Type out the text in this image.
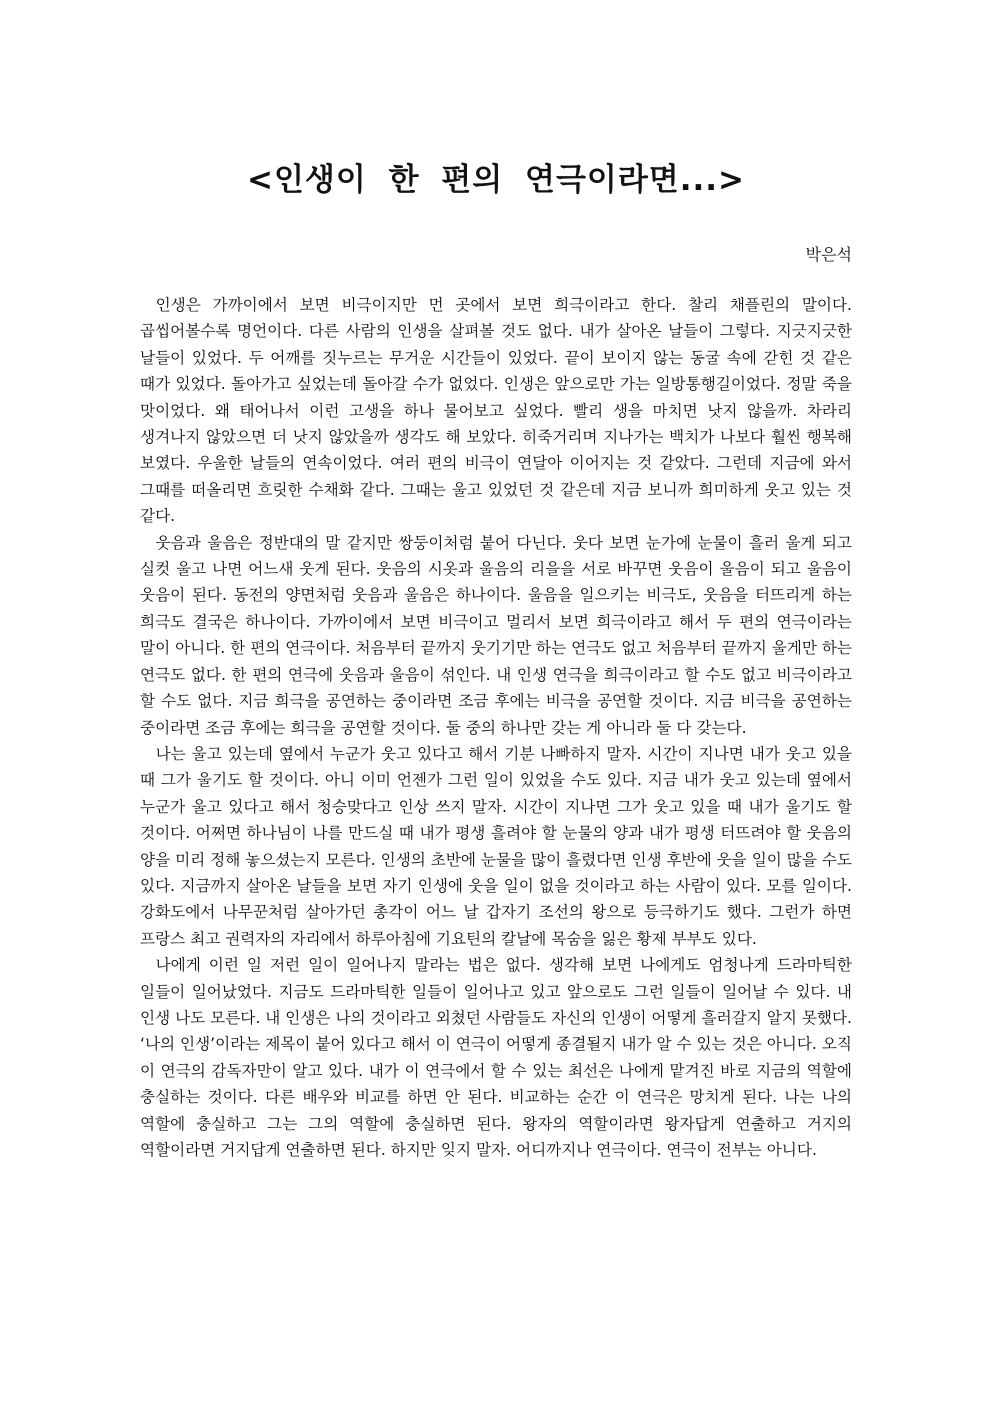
<인생이 한 편의 연극이라면...>
박은석

인생은 가까이에서 보면 비극이지만 먼 곳에서 보면 희극이라고 한다. 찰리 채플린의 말이다. 곱씹어볼수록 명언이다. 다른 사람의 인생을 살펴볼 것도 없다. 내가 살아온 날들이 그렇다. 지긋지긋한 날들이 있었다. 두 어깨를 짓누르는 무거운 시간들이 있었다. 끝이 보이지 않는 동굴 속에 갇힌 것 같은 때가 있었다. 돌아가고 싶었는데 돌아갈 수가 없었다. 인생은 앞으로만 가는 일방통행길이었다. 정말 죽을 맛이었다. 왜 태어나서 이런 고생을 하나 물어보고 싶었다. 빨리 생을 마치면 낫지 않을까. 차라리 생겨나지 않았으면 더 낫지 않았을까 생각도 해 보았다. 히죽거리며 지나가는 백치가 나보다 훨씬 행복해 보였다. 우울한 날들의 연속이었다. 여러 편의 비극이 연달아 이어지는 것 같았다. 그런데 지금에 와서 그때를 떠올리면 흐릿한 수채화 같다. 그때는 울고 있었던 것 같은데 지금 보니까 희미하게 웃고 있는 것 같다.

웃음과 울음은 정반대의 말 같지만 쌍둥이처럼 붙어 다닌다. 웃다 보면 눈가에 눈물이 흘러 울게 되고 실컷 울고 나면 어느새 웃게 된다. 웃음의 시옷과 울음의 리을을 서로 바꾸면 웃음이 울음이 되고 울음이 웃음이 된다. 동전의 양면처럼 웃음과 울음은 하나이다. 울음을 일으키는 비극도, 웃음을 터뜨리게 하는 희극도 결국은 하나이다. 가까이에서 보면 비극이고 멀리서 보면 희극이라고 해서 두 편의 연극이라는 말이 아니다. 한 편의 연극이다. 처음부터 끝까지 웃기기만 하는 연극도 없고 처음부터 끝까지 울게만 하는 연극도 없다. 한 편의 연극에 웃음과 울음이 섞인다. 내 인생 연극을 희극이라고 할 수도 없고 비극이라고 할 수도 없다. 지금 희극을 공연하는 중이라면 조금 후에는 비극을 공연할 것이다. 지금 비극을 공연하는 중이라면 조금 후에는 희극을 공연할 것이다. 둘 중의 하나만 갖는 게 아니라 둘 다 갖는다.

나는 울고 있는데 옆에서 누군가 웃고 있다고 해서 기분 나빠하지 말자. 시간이 지나면 내가 웃고 있을 때 그가 울기도 할 것이다. 아니 이미 언젠가 그런 일이 있었을 수도 있다. 지금 내가 웃고 있는데 옆에서 누군가 울고 있다고 해서 청승맞다고 인상 쓰지 말자. 시간이 지나면 그가 웃고 있을 때 내가 울기도 할 것이다. 어쩌면 하나님이 나를 만드실 때 내가 평생 흘려야 할 눈물의 양과 내가 평생 터뜨려야 할 웃음의 양을 미리 정해 놓으셨는지 모른다. 인생의 초반에 눈물을 많이 흘렸다면 인생 후반에 웃을 일이 많을 수도 있다. 지금까지 살아온 날들을 보면 자기 인생에 웃을 일이 없을 것이라고 하는 사람이 있다. 모를 일이다. 강화도에서 나무꾼처럼 살아가던 총각이 어느 날 갑자기 조선의 왕으로 등극하기도 했다. 그런가 하면 프랑스 최고 권력자의 자리에서 하루아침에 기요틴의 칼날에 목숨을 잃은 황제 부부도 있다.

나에게 이런 일 저런 일이 일어나지 말라는 법은 없다. 생각해 보면 나에게도 엄청나게 드라마틱한 일들이 일어났었다. 지금도 드라마틱한 일들이 일어나고 있고 앞으로도 그런 일들이 일어날 수 있다. 내 인생 나도 모른다. 내 인생은 나의 것이라고 외쳤던 사람들도 자신의 인생이 어떻게 흘러갈지 알지 못했다. ‘나의 인생’이라는 제목이 붙어 있다고 해서 이 연극이 어떻게 종결될지 내가 알 수 있는 것은 아니다. 오직 이 연극의 감독자만이 알고 있다. 내가 이 연극에서 할 수 있는 최선은 나에게 맡겨진 바로 지금의 역할에 충실하는 것이다. 다른 배우와 비교를 하면 안 된다. 비교하는 순간 이 연극은 망치게 된다. 나는 나의 역할에 충실하고 그는 그의 역할에 충실하면 된다. 왕자의 역할이라면 왕자답게 연출하고 거지의 역할이라면 거지답게 연출하면 된다. 하지만 잊지 말자. 어디까지나 연극이다. 연극이 전부는 아니다.
